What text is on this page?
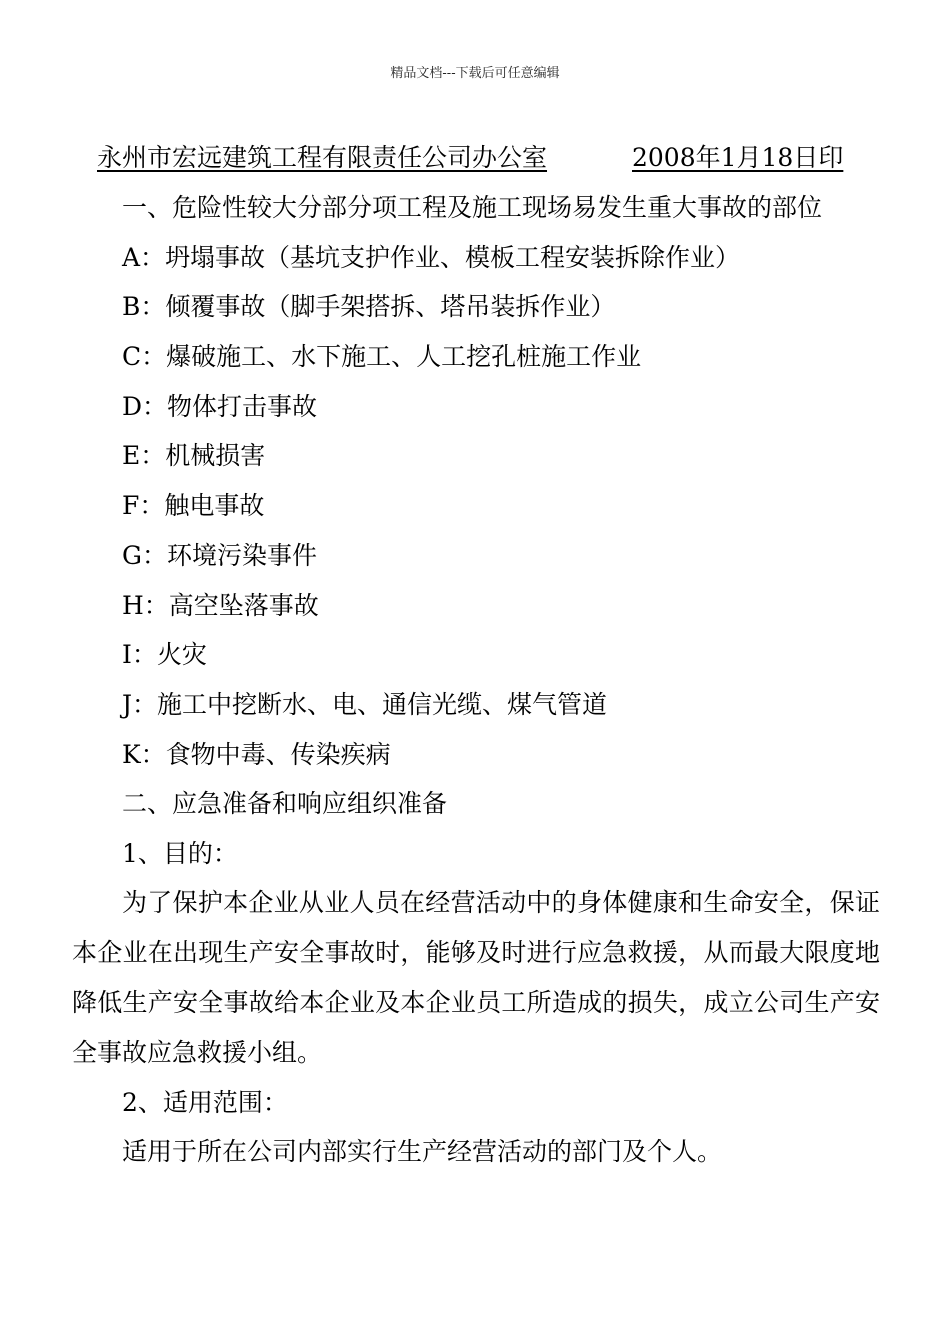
精品文档---下载后可任意编辑
永州市宏远建筑工程有限责任公司办公室	2008年1月18日印
一、危险性较大分部分项工程及施工现场易发生重大事故的部位
A：坍塌事故（基坑支护作业、模板工程安装拆除作业）
B：倾覆事故（脚手架搭拆、塔吊装拆作业）
C：爆破施工、水下施工、人工挖孔桩施工作业
D：物体打击事故
E：机械损害
F：触电事故
G：环境污染事件
H：高空坠落事故
I：火灾
J：施工中挖断水、电、通信光缆、煤气管道
K：食物中毒、传染疾病
二、应急准备和响应组织准备
1、目的：

为了保护本企业从业人员在经营活动中的身体健康和生命安全，保证本企业在出现生产安全事故时，能够及时进行应急救援，从而最大限度地降低生产安全事故给本企业及本企业员工所造成的损失，成立公司生产安全事故应急救援小组。

2、适用范围：
适用于所在公司内部实行生产经营活动的部门及个人。
